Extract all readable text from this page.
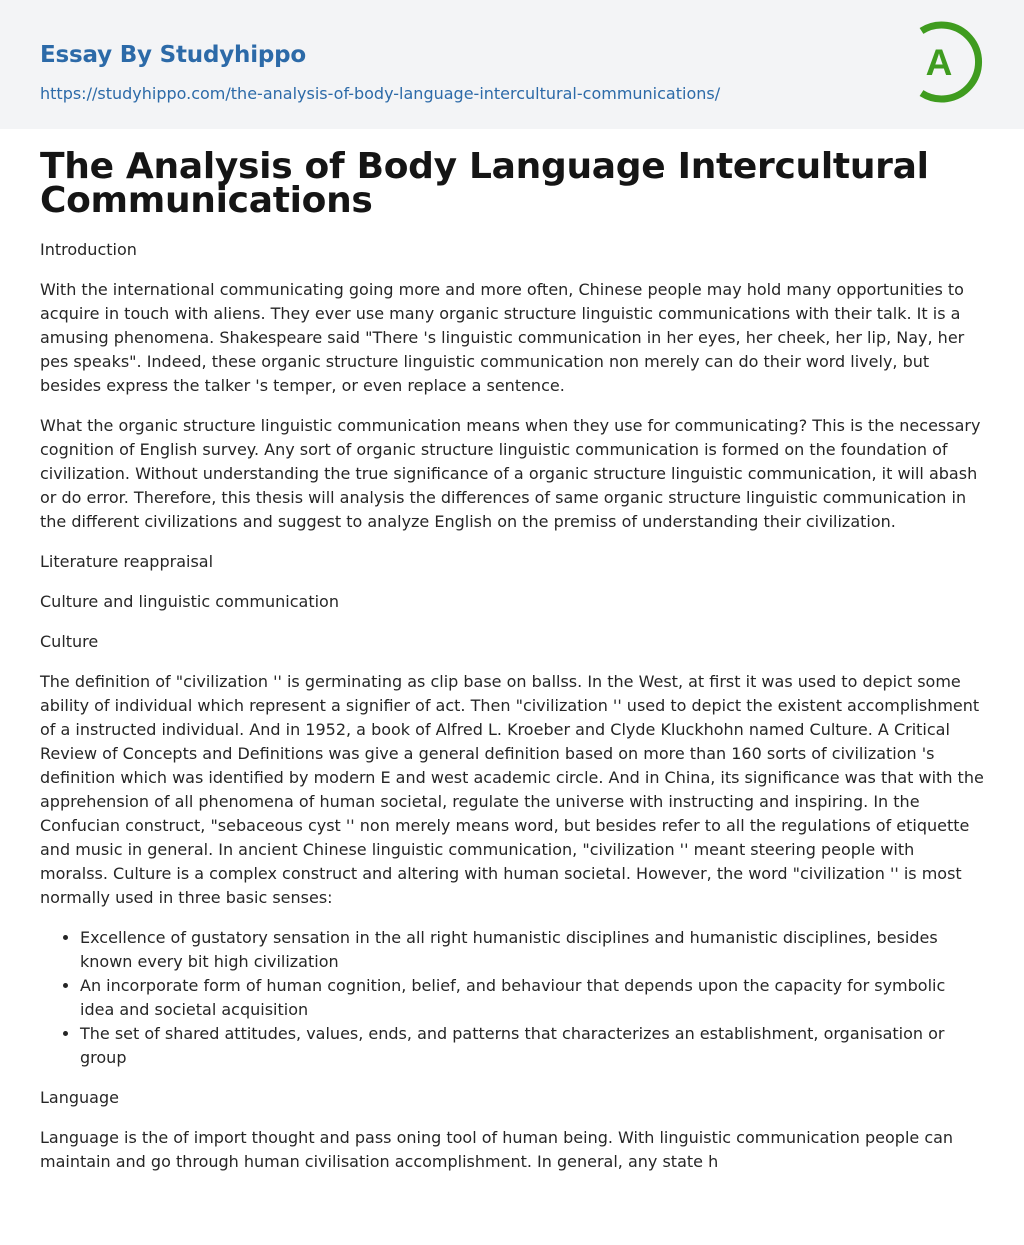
Essay By Studyhippo
https://studyhippo.com/the-analysis-of-body-language-intercultural-communications/
A
The Analysis of Body Language Intercultural Communications

Introduction

With the international communicating going more and more often, Chinese people may hold many opportunities to acquire in touch with aliens. They ever use many organic structure linguistic communications with their talk. It is a amusing phenomena. Shakespeare said "There 's linguistic communication in her eyes, her cheek, her lip, Nay, her pes speaks". Indeed, these organic structure linguistic communication non merely can do their word lively, but besides express the talker 's temper, or even replace a sentence.

What the organic structure linguistic communication means when they use for communicating? This is the necessary cognition of English survey. Any sort of organic structure linguistic communication is formed on the foundation of civilization. Without understanding the true significance of a organic structure linguistic communication, it will abash or do error. Therefore, this thesis will analysis the differences of same organic structure linguistic communication in the different civilizations and suggest to analyze English on the premiss of understanding their civilization.

Literature reappraisal

Culture and linguistic communication

Culture

The definition of "civilization '' is germinating as clip base on ballss. In the West, at first it was used to depict some ability of individual which represent a signifier of act. Then "civilization '' used to depict the existent accomplishment of a instructed individual. And in 1952, a book of Alfred L. Kroeber and Clyde Kluckhohn named Culture. A Critical Review of Concepts and Definitions was give a general definition based on more than 160 sorts of civilization 's definition which was identified by modern E and west academic circle. And in China, its significance was that with the apprehension of all phenomena of human societal, regulate the universe with instructing and inspiring. In the Confucian construct, "sebaceous cyst '' non merely means word, but besides refer to all the regulations of etiquette and music in general. In ancient Chinese linguistic communication, "civilization '' meant steering people with moralss. Culture is a complex construct and altering with human societal. However, the word "civilization '' is most normally used in three basic senses:

• Excellence of gustatory sensation in the all right humanistic disciplines and humanistic disciplines, besides known every bit high civilization
• An incorporate form of human cognition, belief, and behaviour that depends upon the capacity for symbolic idea and societal acquisition
• The set of shared attitudes, values, ends, and patterns that characterizes an establishment, organisation or group

Language

Language is the of import thought and pass oning tool of human being. With linguistic communication people can maintain and go through human civilisation accomplishment. In general, any state h
